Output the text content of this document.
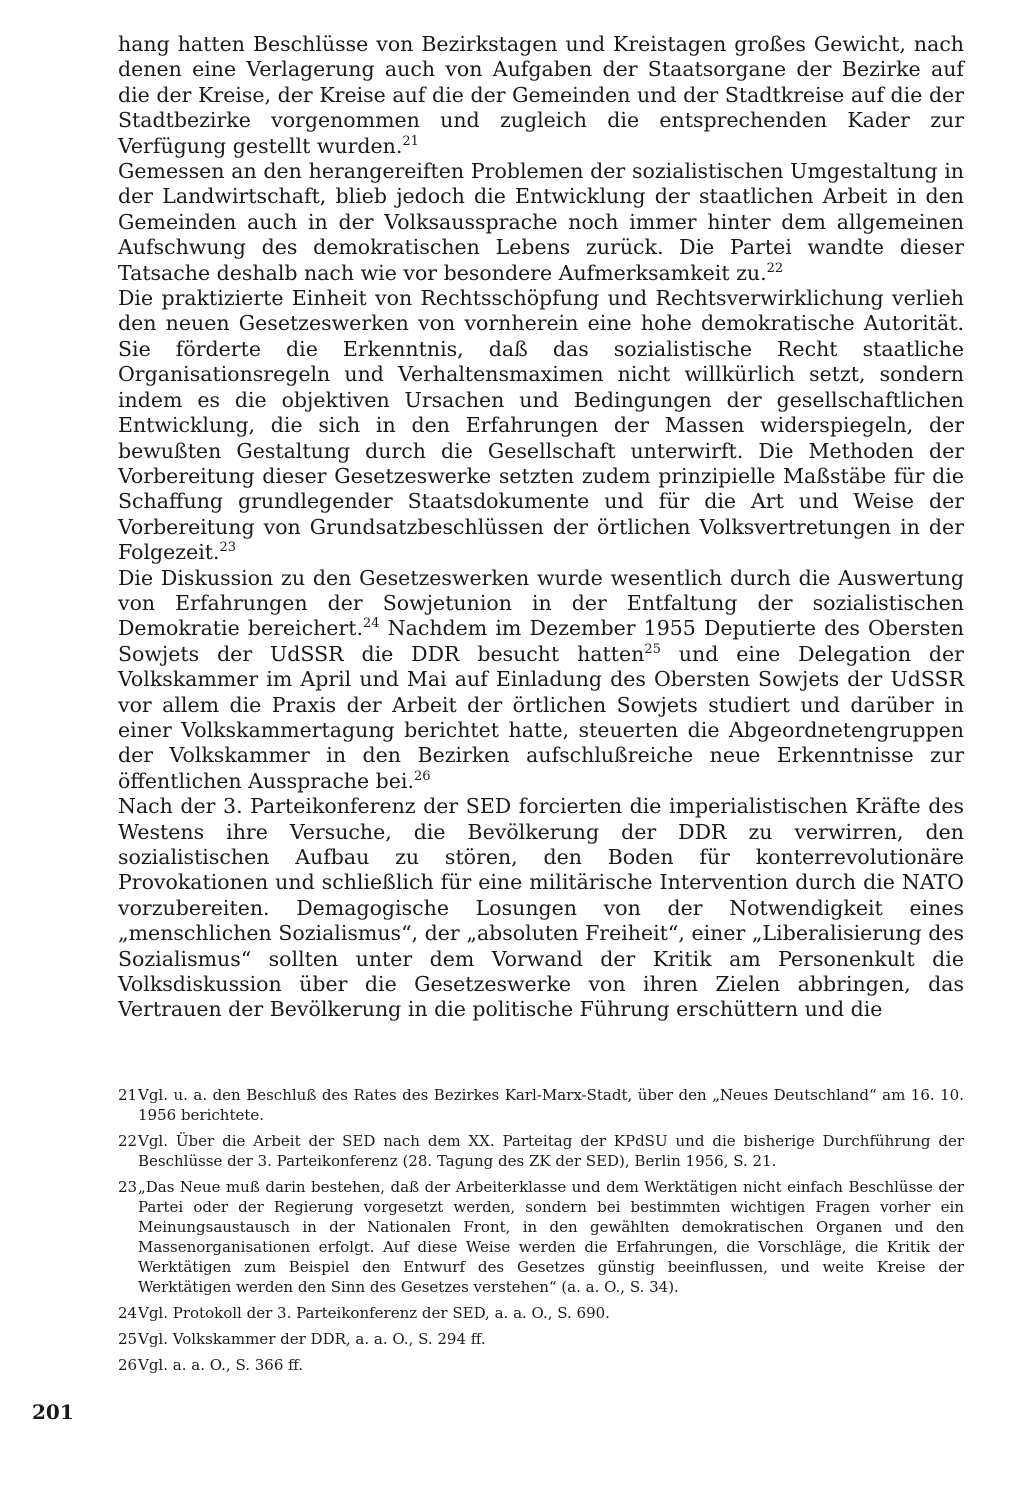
hang hatten Beschlüsse von Bezirkstagen und Kreistagen großes Gewicht, nach denen eine Verlagerung auch von Aufgaben der Staatsorgane der Bezirke auf die der Kreise, der Kreise auf die der Gemeinden und der Stadtkreise auf die der Stadtbezirke vorgenommen und zugleich die entsprechenden Kader zur Verfügung gestellt wurden.$^{21}$

Gemessen an den herangereiften Problemen der sozialistischen Umgestaltung in der Landwirtschaft, blieb jedoch die Entwicklung der staatlichen Arbeit in den Gemeinden auch in der Volksaussprache noch immer hinter dem allgemeinen Aufschwung des demokratischen Lebens zurück. Die Partei wandte dieser Tatsache deshalb nach wie vor besondere Aufmerksamkeit zu.$^{22}$

Die praktizierte Einheit von Rechtsschöpfung und Rechtsverwirklichung verlieh den neuen Gesetzeswerken von vornherein eine hohe demokratische Autorität. Sie förderte die Erkenntnis, daß das sozialistische Recht staatliche Organisationsregeln und Verhaltensmaximen nicht willkürlich setzt, sondern indem es die objektiven Ursachen und Bedingungen der gesellschaftlichen Entwicklung, die sich in den Erfahrungen der Massen widerspiegeln, der bewußten Gestaltung durch die Gesellschaft unterwirft. Die Methoden der Vorbereitung dieser Gesetzeswerke setzten zudem prinzipielle Maßstäbe für die Schaffung grundlegender Staatsdokumente und für die Art und Weise der Vorbereitung von Grundsatzbeschlüssen der örtlichen Volksvertretungen in der Folgezeit.$^{23}$

Die Diskussion zu den Gesetzeswerken wurde wesentlich durch die Auswertung von Erfahrungen der Sowjetunion in der Entfaltung der sozialistischen Demokratie bereichert.$^{24}$ Nachdem im Dezember 1955 Deputierte des Obersten Sowjets der UdSSR die DDR besucht hatten$^{25}$ und eine Delegation der Volkskammer im April und Mai auf Einladung des Obersten Sowjets der UdSSR vor allem die Praxis der Arbeit der örtlichen Sowjets studiert und darüber in einer Volkskammertagung berichtet hatte, steuerten die Abgeordnetengruppen der Volkskammer in den Bezirken aufschlußreiche neue Erkenntnisse zur öffentlichen Aussprache bei.$^{26}$

Nach der 3. Parteikonferenz der SED forcierten die imperialistischen Kräfte des Westens ihre Versuche, die Bevölkerung der DDR zu verwirren, den sozialistischen Aufbau zu stören, den Boden für konterrevolutionäre Provokationen und schließlich für eine militärische Intervention durch die NATO vorzubereiten. Demagogische Losungen von der Notwendigkeit eines „menschlichen Sozialismus“, der „absoluten Freiheit“, einer „Liberalisierung des Sozialismus“ sollten unter dem Vorwand der Kritik am Personenkult die Volksdiskussion über die Gesetzeswerke von ihren Zielen abbringen, das Vertrauen der Bevölkerung in die politische Führung erschüttern und die

21 Vgl. u. a. den Beschluß des Rates des Bezirkes Karl-Marx-Stadt, über den „Neues Deutschland“ am 16. 10. 1956 berichtete.
22 Vgl. Über die Arbeit der SED nach dem XX. Parteitag der KPdSU und die bisherige Durchführung der Beschlüsse der 3. Parteikonferenz (28. Tagung des ZK der SED), Berlin 1956, S. 21.
23 „Das Neue muß darin bestehen, daß der Arbeiterklasse und dem Werktätigen nicht einfach Beschlüsse der Partei oder der Regierung vorgesetzt werden, sondern bei bestimmten wichtigen Fragen vorher ein Meinungsaustausch in der Nationalen Front, in den gewählten demokratischen Organen und den Massenorganisationen erfolgt. Auf diese Weise werden die Erfahrungen, die Vorschläge, die Kritik der Werktätigen zum Beispiel den Entwurf des Gesetzes günstig beeinflussen, und weite Kreise der Werktätigen werden den Sinn des Gesetzes verstehen“ (a. a. O., S. 34).
24 Vgl. Protokoll der 3. Parteikonferenz der SED, a. a. O., S. 690.
25 Vgl. Volkskammer der DDR, a. a. O., S. 294 ff.
26 Vgl. a. a. O., S. 366 ff.
201
